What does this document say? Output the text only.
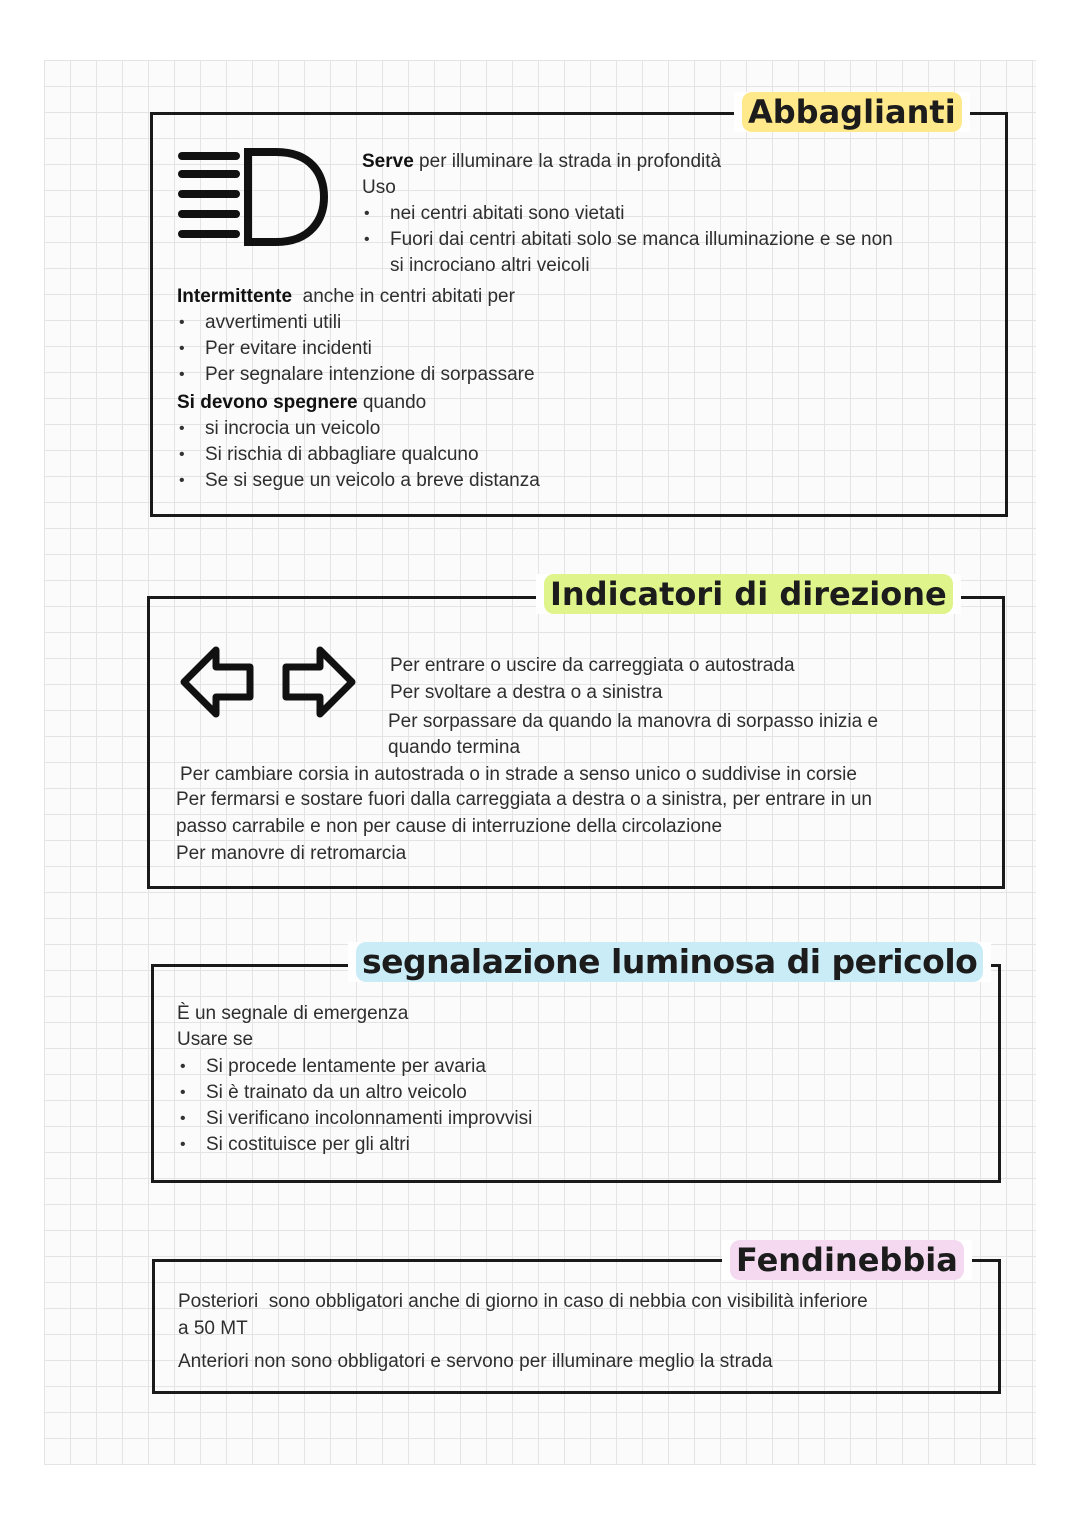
Abbaglianti
Serve per illuminare la strada in profondità
Uso
• nei centri abitati sono vietati
• Fuori dai centri abitati solo se manca illuminazione e se non
si incrociano altri veicoli
Intermittente  anche in centri abitati per
• avvertimenti utili
• Per evitare incidenti
• Per segnalare intenzione di sorpassare
Si devono spegnere quando
• si incrocia un veicolo
• Si rischia di abbagliare qualcuno
• Se si segue un veicolo a breve distanza
Indicatori di direzione
Per entrare o uscire da carreggiata o autostrada
Per svoltare a destra o a sinistra
Per sorpassare da quando la manovra di sorpasso inizia e
quando termina
Per cambiare corsia in autostrada o in strade a senso unico o suddivise in corsie
Per fermarsi e sostare fuori dalla carreggiata a destra o a sinistra, per entrare in un
passo carrabile e non per cause di interruzione della circolazione
Per manovre di retromarcia
segnalazione luminosa di pericolo
È un segnale di emergenza
Usare se
• Si procede lentamente per avaria
• Si è trainato da un altro veicolo
• Si verificano incolonnamenti improvvisi
• Si costituisce per gli altri
Fendinebbia
Posteriori  sono obbligatori anche di giorno in caso di nebbia con visibilità inferiore
a 50 MT
Anteriori non sono obbligatori e servono per illuminare meglio la strada
